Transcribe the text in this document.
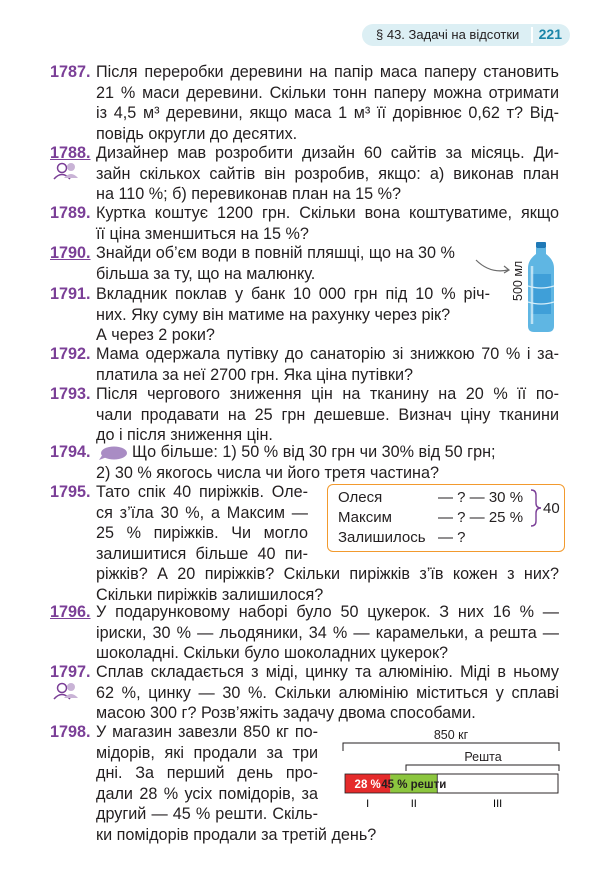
§ 43. Задачі на відсотки 221
1787. Після переробки деревини на папір маса паперу становить
21 % маси деревини. Скільки тонн паперу можна отримати
із 4,5 м³ деревини, якщо маса 1 м³ її дорівнює 0,62 т? Від-
повідь округли до десятих.
1788. Дизайнер мав розробити дизайн 60 сайтів за місяць. Ди-
зайн скількох сайтів він розробив, якщо: а) виконав план
на 110 %; б) перевиконав план на 15 %?
1789. Куртка коштує 1200 грн. Скільки вона коштуватиме, якщо
її ціна зменшиться на 15 %?
1790. Знайди об’єм води в повній пляшці, що на 30 %
більша за ту, що на малюнку.	500 мл
1791. Вкладник поклав у банк 10 000 грн під 10 % річ-
них. Яку суму він матиме на рахунку через рік?
А через 2 роки?
1792. Мама одержала путівку до санаторію зі знижкою 70 % і за-
платила за неї 2700 грн. Яка ціна путівки?
1793. Після чергового зниження цін на тканину на 20 % її по-
чали продавати на 25 грн дешевше. Визнач ціну тканини
до і після зниження цін.
1794.	Що більше: 1) 50 % від 30 грн чи 30% від 50 грн;
2) 30 % якогось числа чи його третя частина?
1795. Тато спік 40 пиріжків. Оле-
ся з’їла 30 %, а Максим —
25 % пиріжків. Чи могло
залишитися більше 40 пи-
ріжків? А 20 пиріжків? Скільки пиріжків з’їв кожен з них?
Скільки пиріжків залишилося?
Олеся	— ? — 30 %
Максим	— ? — 25 %
Залишилось — ?
40
1796. У подарунковому наборі було 50 цукерок. З них 16 % —
іриски, 30 % — льодяники, 34 % — карамельки, а решта —
шоколадні. Скільки було шоколадних цукерок?
1797. Сплав складається з міді, цинку та алюмінію. Міді в ньому
62 %, цинку — 30 %. Скільки алюмінію міститься у сплаві
масою 300 г? Розв’яжіть задачу двома способами.
1798. У магазин завезли 850 кг по-
мідорів, які продали за три
дні. За перший день про-
дали 28 % усіх помідорів, за
другий — 45 % решти. Скіль-
ки помідорів продали за третій день?
850 кг
Решта
28 % 45 % решти
I	II	III
